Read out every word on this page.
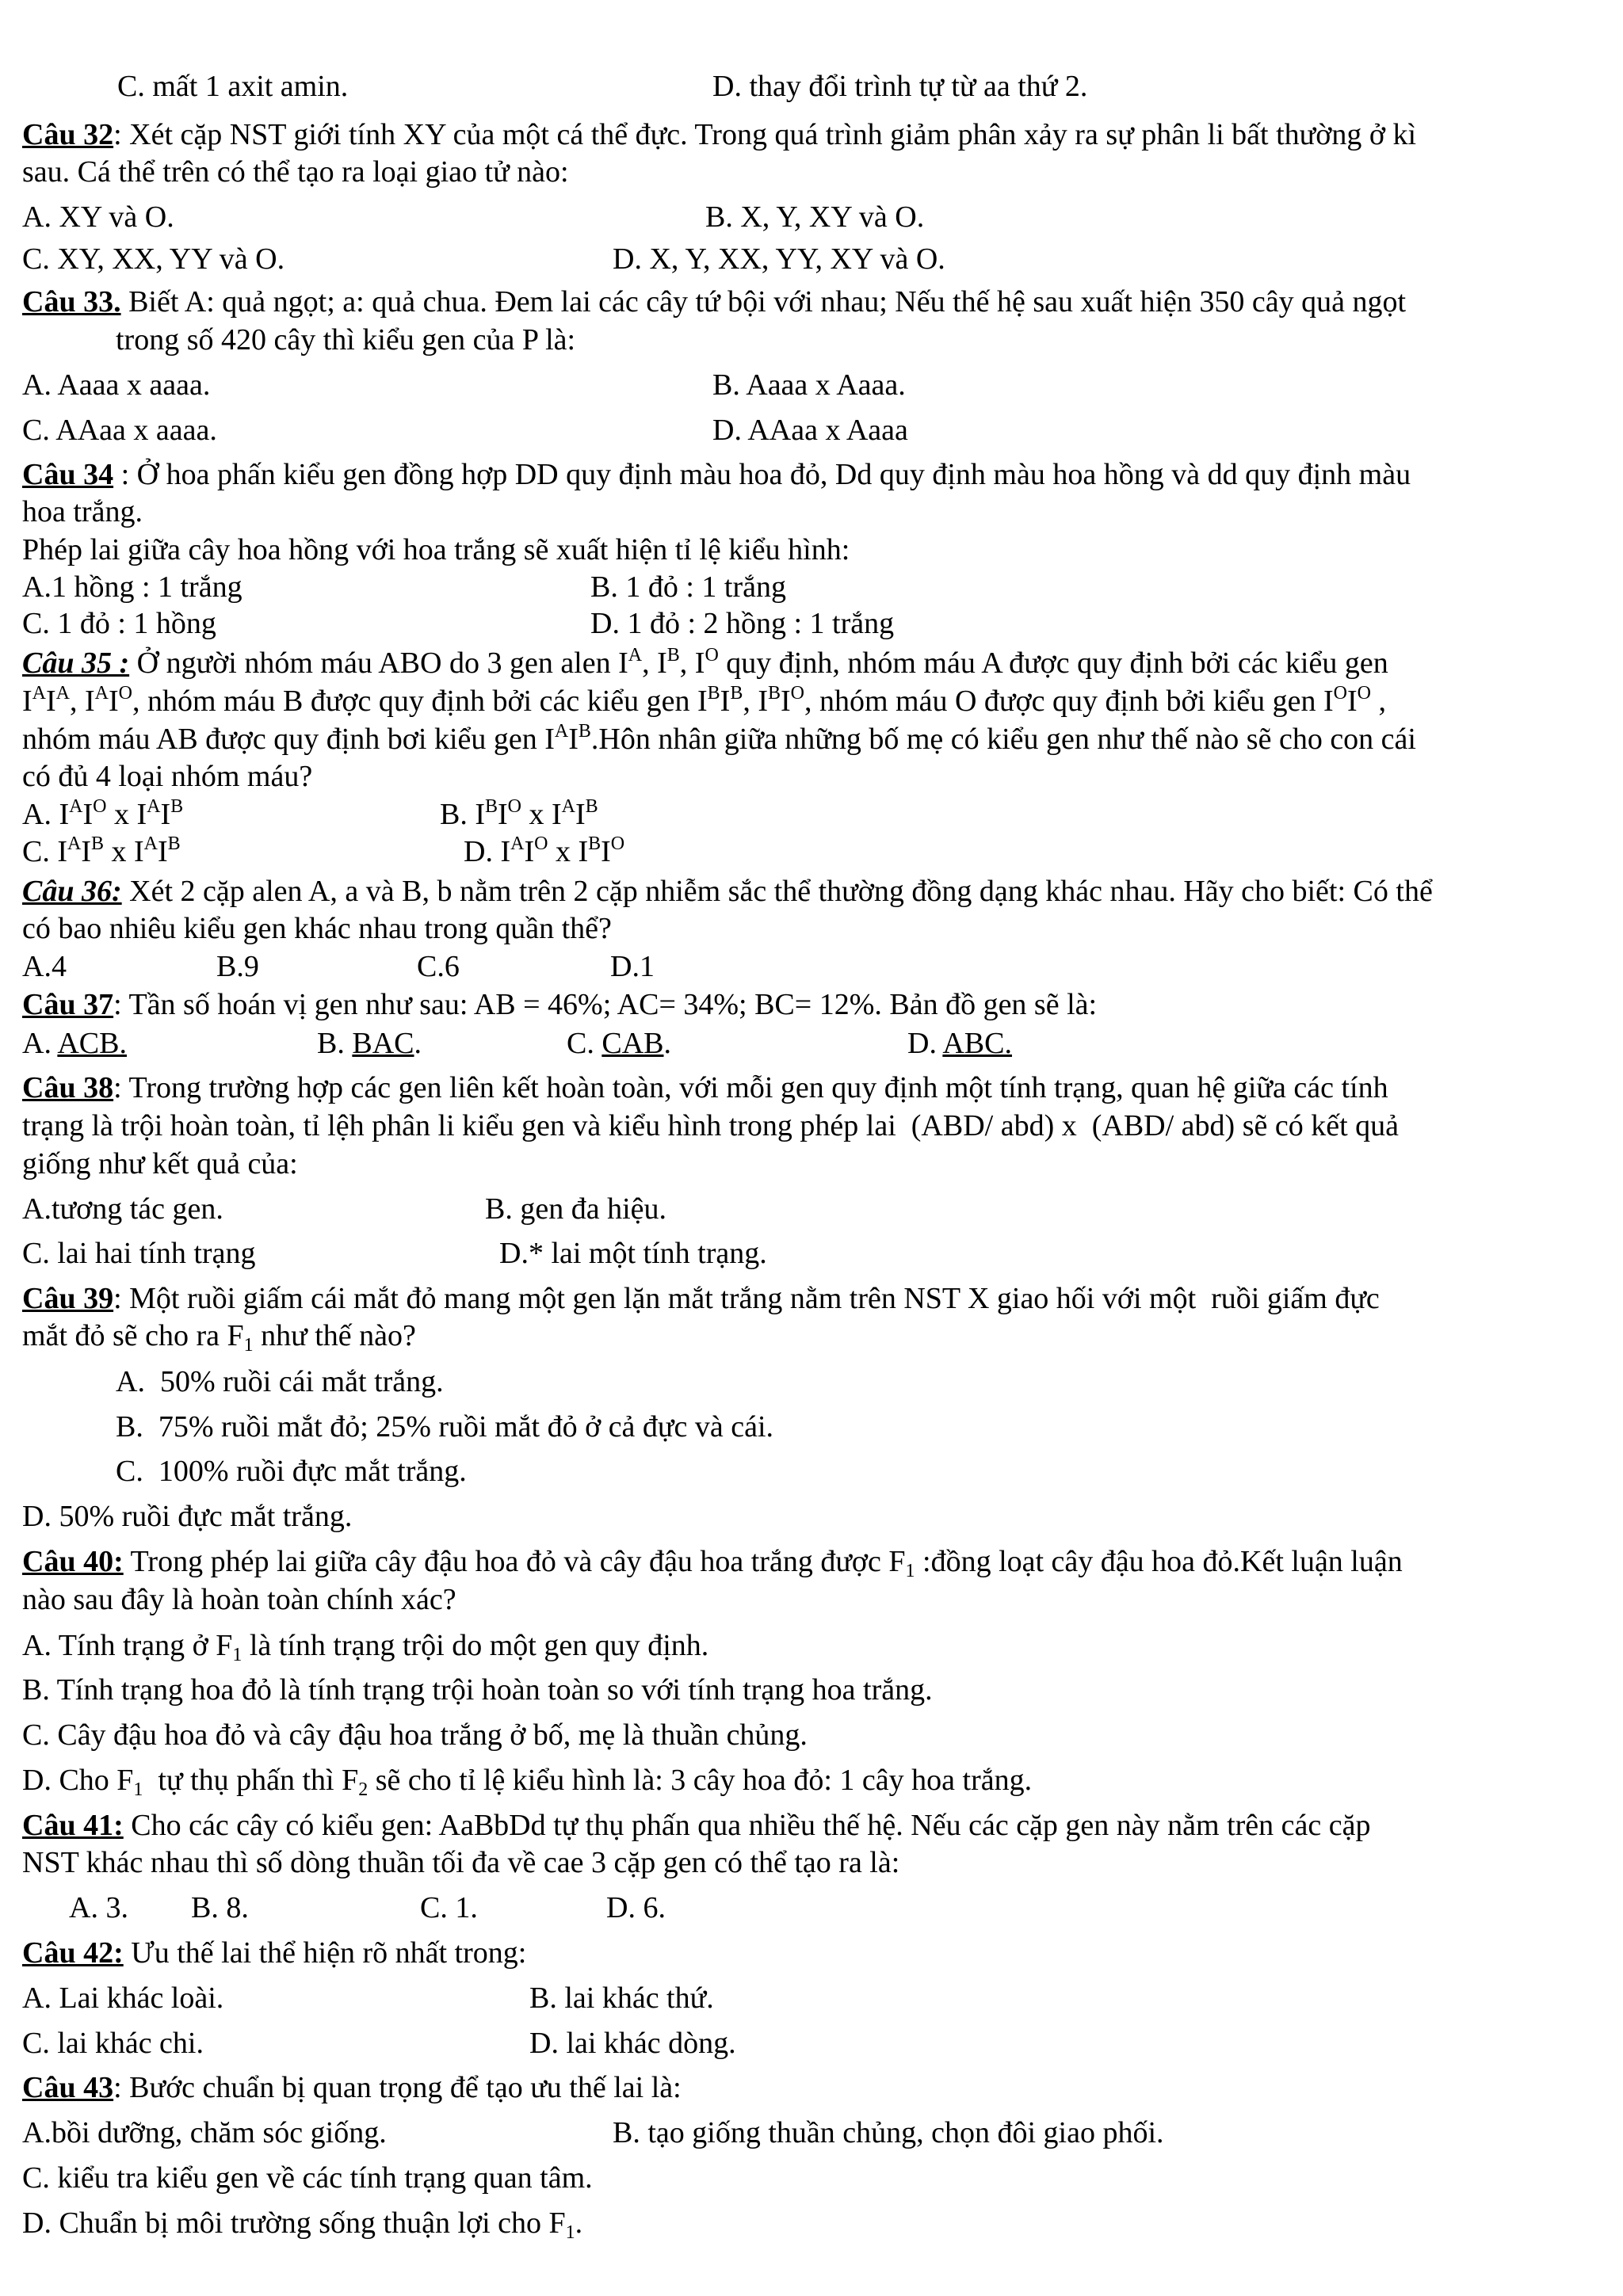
C. mất 1 axit amin.	D. thay đổi trình tự từ aa thứ 2.
Câu 32: Xét cặp NST giới tính XY của một cá thể đực. Trong quá trình giảm phân xảy ra sự phân li bất thường ở kì
sau. Cá thể trên có thể tạo ra loại giao tử nào:
A. XY và O.	B. X, Y, XY và O.
C. XY, XX, YY và O.	D. X, Y, XX, YY, XY và O.
Câu 33. Biết A: quả ngọt; a: quả chua. Đem lai các cây tứ bội với nhau; Nếu thế hệ sau xuất hiện 350 cây quả ngọt
trong số 420 cây thì kiểu gen của P là:
A. Aaaa x aaaa.	B. Aaaa x Aaaa.
C. AAaa x aaaa.	D. AAaa x Aaaa
Câu 34 : Ở hoa phấn kiểu gen đồng hợp DD quy định màu hoa đỏ, Dd quy định màu hoa hồng và dd quy định màu
hoa trắng.
Phép lai giữa cây hoa hồng với hoa trắng sẽ xuất hiện tỉ lệ kiểu hình:
A.1 hồng : 1 trắng	B. 1 đỏ : 1 trắng
C. 1 đỏ : 1 hồng	D. 1 đỏ : 2 hồng : 1 trắng
Câu 35 : Ở người nhóm máu ABO do 3 gen alen $I^A$, $I^B$, $I^O$ quy định, nhóm máu A được quy định bởi các kiểu gen
$I^AI^A$, $I^AI^O$, nhóm máu B được quy định bởi các kiểu gen $I^BI^B$, $I^BI^O$, nhóm máu O được quy định bởi kiểu gen $I^OI^O$ ,
nhóm máu AB được quy định bơi kiểu gen $I^AI^B.Hôn$ nhân giữa những bố mẹ có kiểu gen như thế nào sẽ cho con cái
có đủ 4 loại nhóm máu?
A. $I^AI^O$ x $I^AI^B$	B. $I^BI^O$ x $I^AI^B$
C. $I^AI^B$ x $I^AI^B$	D. $I^AI^O$ x $I^BI^O$
Câu 36: Xét 2 cặp alen A, a và B, b nằm trên 2 cặp nhiễm sắc thể thường đồng dạng khác nhau. Hãy cho biết: Có thể
có bao nhiêu kiểu gen khác nhau trong quần thể?
A.4	B.9	C.6	D.1
Câu 37: Tần số hoán vị gen như sau: AB = 46%; AC= 34%; BC= 12%. Bản đồ gen sẽ là:
A. ACB.	B. BAC.	C. CAB.	D. ABC.
Câu 38: Trong trường hợp các gen liên kết hoàn toàn, với mỗi gen quy định một tính trạng, quan hệ giữa các tính
trạng là trội hoàn toàn, tỉ lệh phân li kiểu gen và kiểu hình trong phép lai  (ABD/ abd) x  (ABD/ abd) sẽ có kết quả
giống như kết quả của:
A.tương tác gen.	B. gen đa hiệu.
C. lai hai tính trạng	D.* lai một tính trạng.
Câu 39: Một ruồi giấm cái mắt đỏ mang một gen lặn mắt trắng nằm trên NST X giao hối với một  ruồi giấm đực
mắt đỏ sẽ cho ra $F_1$ như thế nào?
A.  50% ruồi cái mắt trắng.
B.  75% ruồi mắt đỏ; 25% ruồi mắt đỏ ở cả đực và cái.
C.  100% ruồi đực mắt trắng.
D. 50% ruồi đực mắt trắng.
Câu 40: Trong phép lai giữa cây đậu hoa đỏ và cây đậu hoa trắng được $F_1$ :đồng loạt cây đậu hoa đỏ.Kết luận luận
nào sau đây là hoàn toàn chính xác?
A. Tính trạng ở $F_1$ là tính trạng trội do một gen quy định.
B. Tính trạng hoa đỏ là tính trạng trội hoàn toàn so với tính trạng hoa trắng.
C. Cây đậu hoa đỏ và cây đậu hoa trắng ở bố, mẹ là thuần chủng.
D. Cho $F_1$  tự thụ phấn thì $F_2$ sẽ cho tỉ lệ kiểu hình là: 3 cây hoa đỏ: 1 cây hoa trắng.
Câu 41: Cho các cây có kiểu gen: AaBbDd tự thụ phấn qua nhiều thế hệ. Nếu các cặp gen này nằm trên các cặp
NST khác nhau thì số dòng thuần tối đa về cae 3 cặp gen có thể tạo ra là:
A. 3. B. 8.	C. 1.	D. 6.
Câu 42: Ưu thế lai thể hiện rõ nhất trong:
A. Lai khác loài.	B. lai khác thứ.
C. lai khác chi.	D. lai khác dòng.
Câu 43: Bước chuẩn bị quan trọng để tạo ưu thế lai là:
A.bồi dưỡng, chăm sóc giống.	B. tạo giống thuần chủng, chọn đôi giao phối.
C. kiểu tra kiểu gen về các tính trạng quan tâm.
D. Chuẩn bị môi trường sống thuận lợi cho $F_1$.
